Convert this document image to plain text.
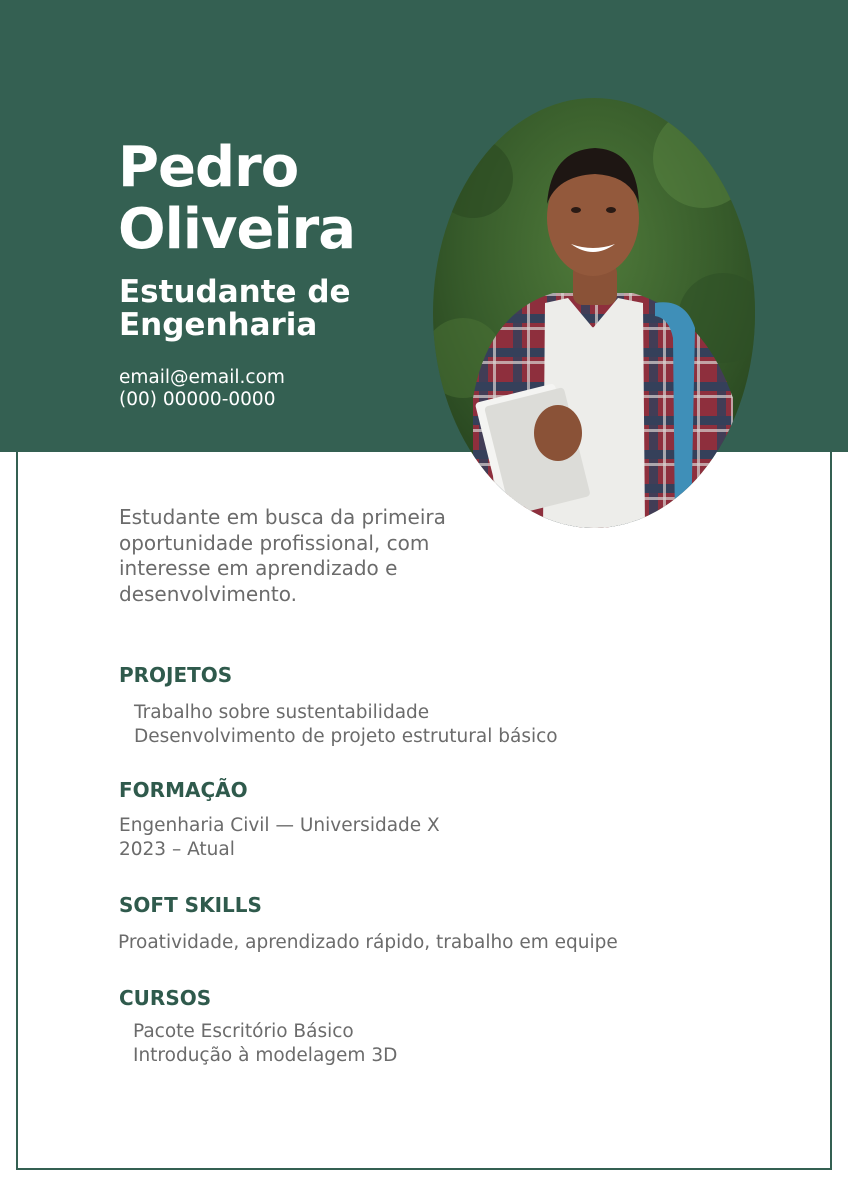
Pedro Oliveira
Estudante de Engenharia
email@email.com
(00) 00000-0000

Estudante em busca da primeira oportunidade profissional, com interesse em aprendizado e desenvolvimento.

PROJETOS
Trabalho sobre sustentabilidade
Desenvolvimento de projeto estrutural básico
FORMAÇÃO
Engenharia Civil — Universidade X
2023 – Atual
SOFT SKILLS
Proatividade, aprendizado rápido, trabalho em equipe
CURSOS
Pacote Escritório Básico
Introdução à modelagem 3D
